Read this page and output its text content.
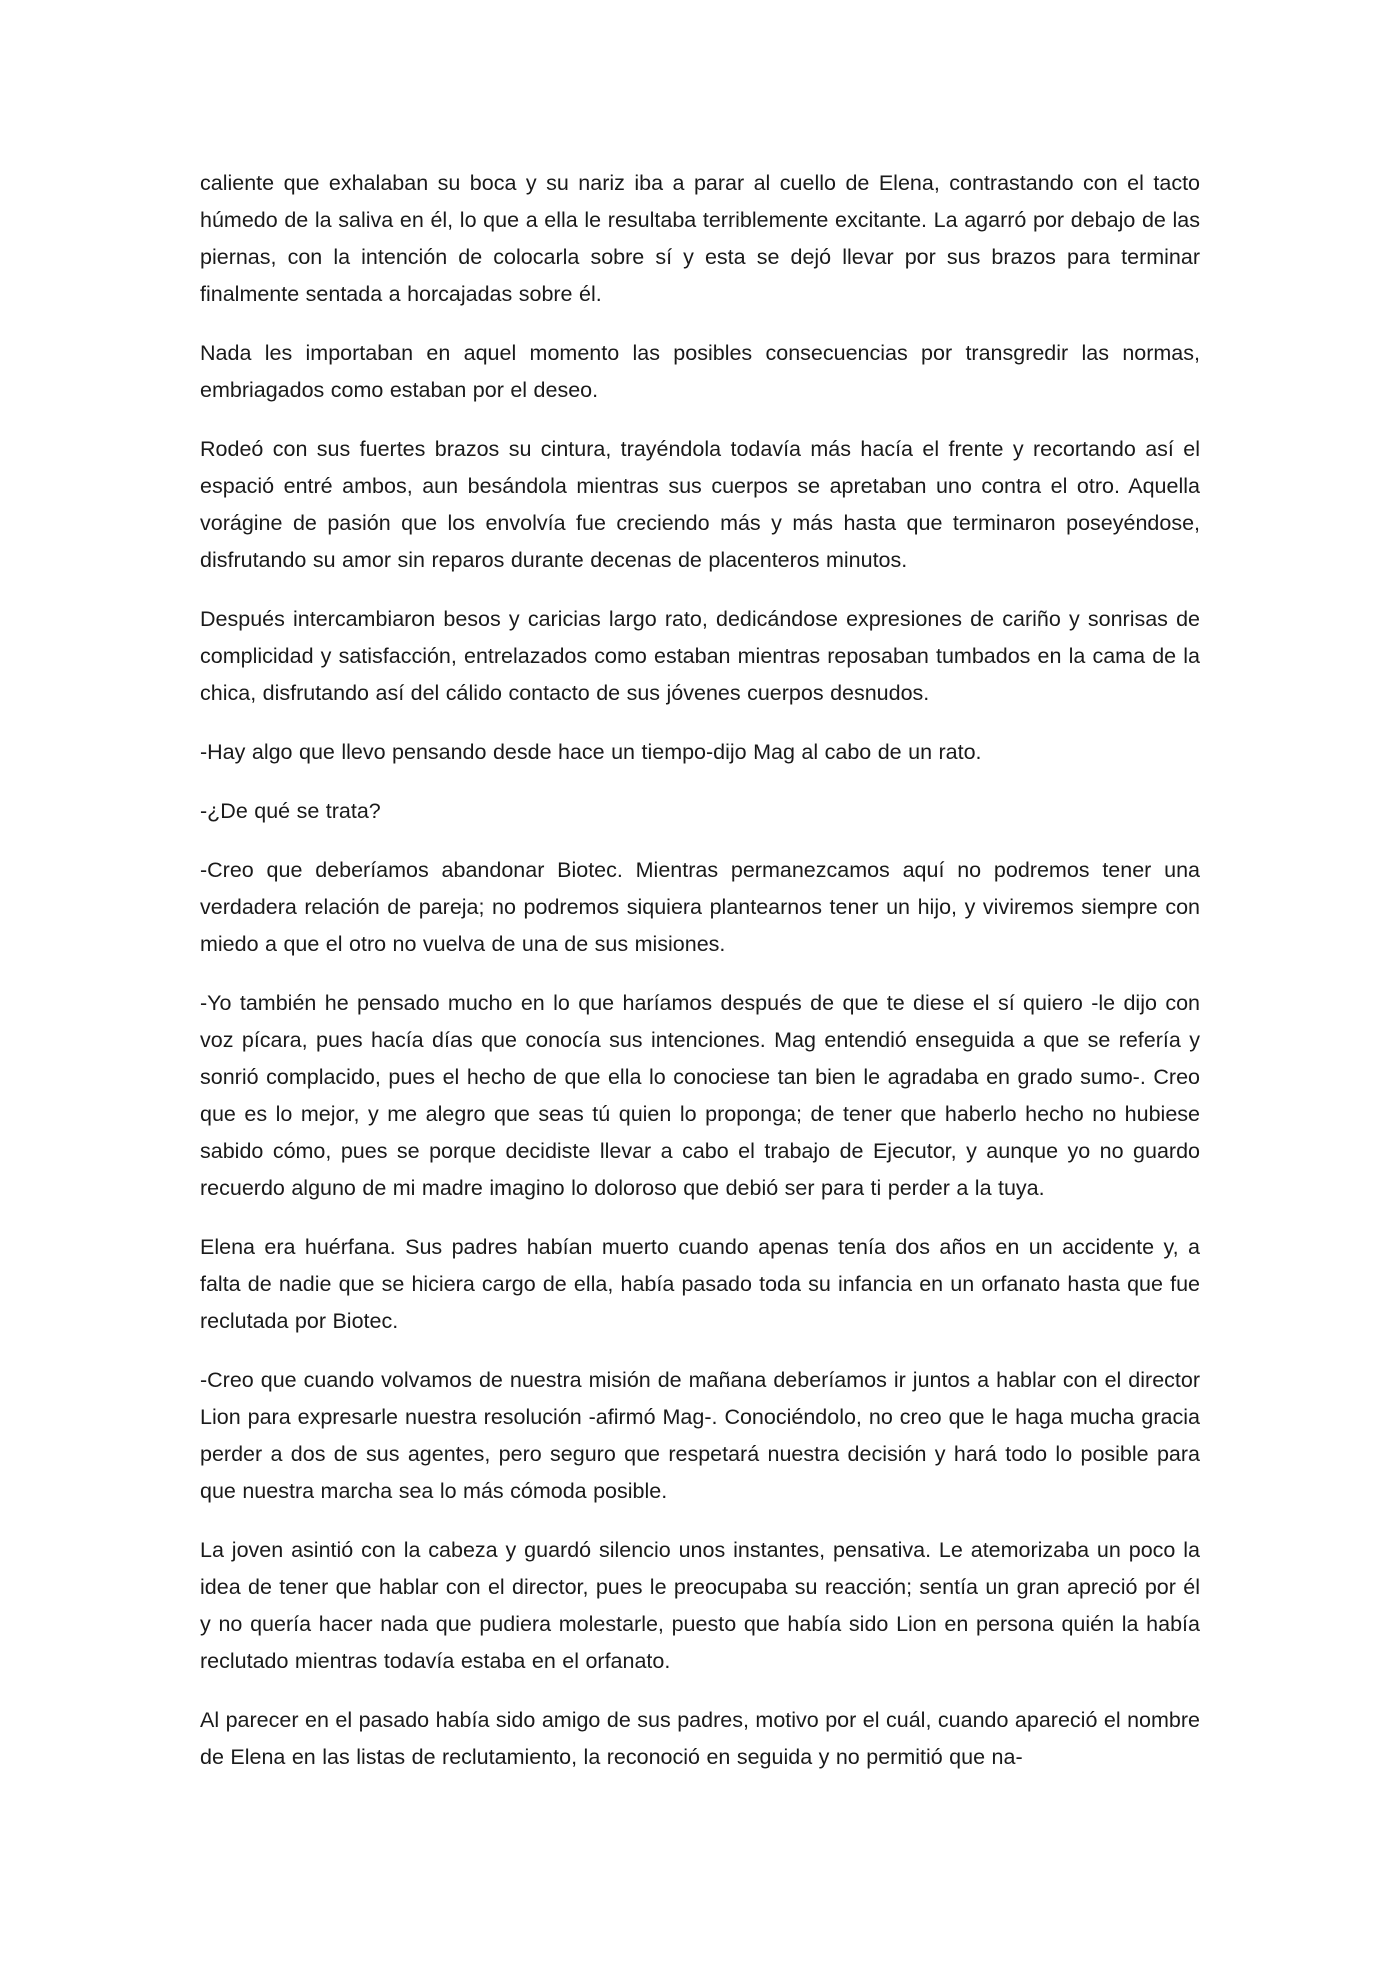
caliente que exhalaban su boca y su nariz iba a parar al cuello de Elena, contrastando con el tacto húmedo de la saliva en él, lo que a ella le resultaba terriblemente excitante. La agarró por debajo de las piernas, con la intención de colocarla sobre sí y esta se dejó llevar por sus brazos para terminar finalmente sentada a horcajadas sobre él.

Nada les importaban en aquel momento las posibles consecuencias por transgredir las normas, embriagados como estaban por el deseo.

Rodeó con sus fuertes brazos su cintura, trayéndola todavía más hacía el frente y recortando así el espació entré ambos, aun besándola mientras sus cuerpos se apretaban uno contra el otro. Aquella vorágine de pasión que los envolvía fue creciendo más y más hasta que terminaron poseyéndose, disfrutando su amor sin reparos durante decenas de placenteros minutos.

Después intercambiaron besos y caricias largo rato, dedicándose expresiones de cariño y sonrisas de complicidad y satisfacción, entrelazados como estaban mientras reposaban tumbados en la cama de la chica, disfrutando así del cálido contacto de sus jóvenes cuerpos desnudos.

-Hay algo que llevo pensando desde hace un tiempo-dijo Mag al cabo de un rato.

-¿De qué se trata?

-Creo que deberíamos abandonar Biotec. Mientras permanezcamos aquí no podremos tener una verdadera relación de pareja; no podremos siquiera plantearnos tener un hijo, y viviremos siempre con miedo a que el otro no vuelva de una de sus misiones.

-Yo también he pensado mucho en lo que haríamos después de que te diese el sí quiero -le dijo con voz pícara, pues hacía días que conocía sus intenciones. Mag entendió enseguida a que se refería y sonrió complacido, pues el hecho de que ella lo conociese tan bien le agradaba en grado sumo-. Creo que es lo mejor, y me alegro que seas tú quien lo proponga; de tener que haberlo hecho no hubiese sabido cómo, pues se porque decidiste llevar a cabo el trabajo de Ejecutor, y aunque yo no guardo recuerdo alguno de mi madre imagino lo doloroso que debió ser para ti perder a la tuya.

Elena era huérfana. Sus padres habían muerto cuando apenas tenía dos años en un accidente y, a falta de nadie que se hiciera cargo de ella, había pasado toda su infancia en un orfanato hasta que fue reclutada por Biotec.

-Creo que cuando volvamos de nuestra misión de mañana deberíamos ir juntos a hablar con el director Lion para expresarle nuestra resolución -afirmó Mag-. Conociéndolo, no creo que le haga mucha gracia perder a dos de sus agentes, pero seguro que respetará nuestra decisión y hará todo lo posible para que nuestra marcha sea lo más cómoda posible.

La joven asintió con la cabeza y guardó silencio unos instantes, pensativa. Le atemorizaba un poco la idea de tener que hablar con el director, pues le preocupaba su reacción; sentía un gran apreció por él y no quería hacer nada que pudiera molestarle, puesto que había sido Lion en persona quién la había reclutado mientras todavía estaba en el orfanato.

Al parecer en el pasado había sido amigo de sus padres, motivo por el cuál, cuando apareció el nombre de Elena en las listas de reclutamiento, la reconoció en seguida y no permitió que na-
